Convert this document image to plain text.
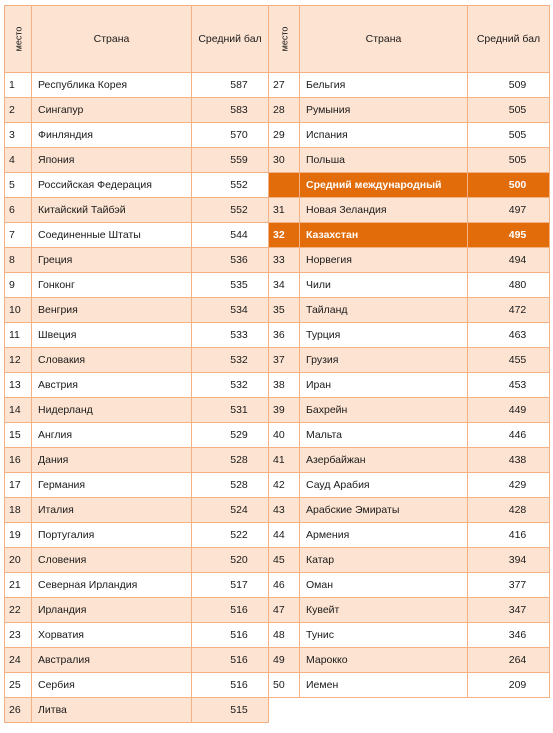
место	Страна	Средний бал
1	Республика Корея	587
2	Сингапур	583
3	Финляндия	570
4	Япония	559
5	Российская Федерация	552
6	Китайский Тайбэй	552
7	Соединенные Штаты	544
8	Греция	536
9	Гонконг	535
10	Венгрия	534
11	Швеция	533
12	Словакия	532
13	Австрия	532
14	Нидерланд	531
15	Англия	529
16	Дания	528
17	Германия	528
18	Италия	524
19	Португалия	522
20	Словения	520
21	Северная Ирландия	517
22	Ирландия	516
23	Хорватия	516
24	Австралия	516
25	Сербия	516
26	Литва	515
место	Страна	Средний бал
27	Бельгия	509
28	Румыния	505
29	Испания	505
30	Польша	505
	Средний международный	500
31	Новая Зеландия	497
32	Казахстан	495
33	Норвегия	494
34	Чили	480
35	Тайланд	472
36	Турция	463
37	Грузия	455
38	Иран	453
39	Бахрейн	449
40	Мальта	446
41	Азербайжан	438
42	Сауд Арабия	429
43	Арабские Эмираты	428
44	Армения	416
45	Катар	394
46	Оман	377
47	Кувейт	347
48	Тунис	346
49	Марокко	264
50	Иемен	209
